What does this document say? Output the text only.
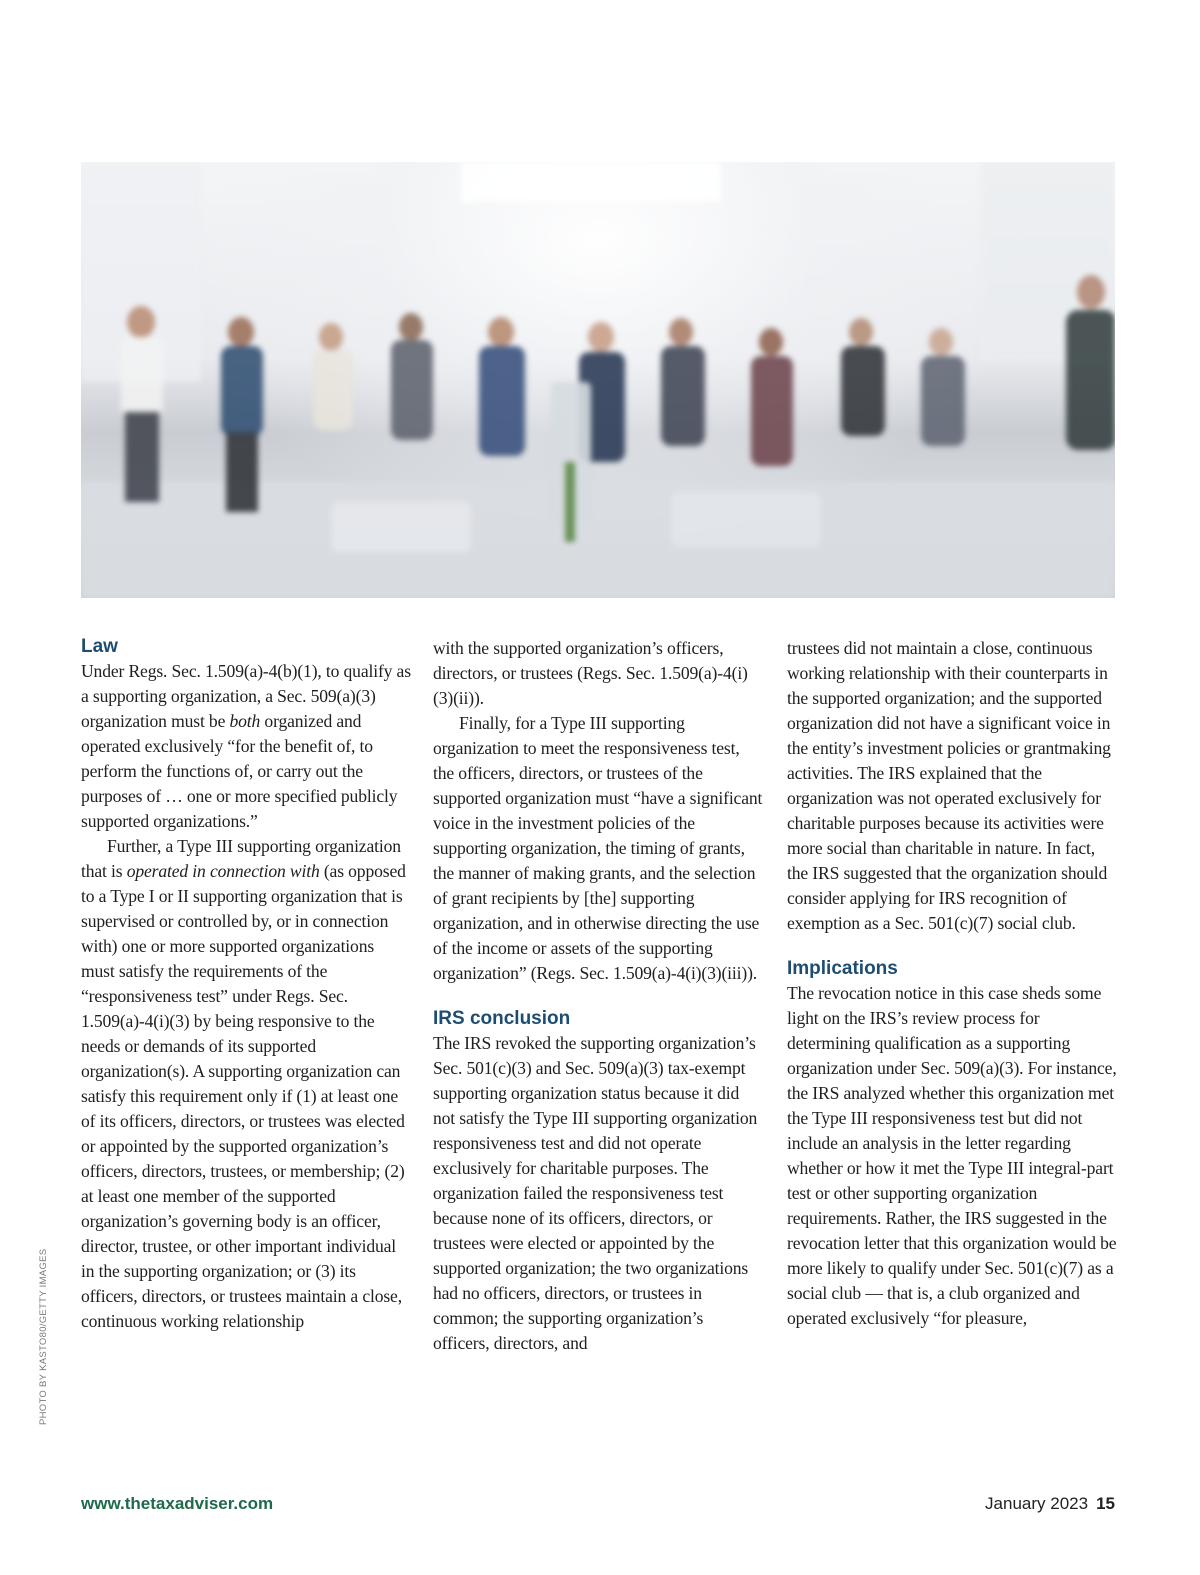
PHOTO BY KASTO80/GETTY IMAGES
Law

Under Regs. Sec. 1.509(a)-4(b)(1), to qualify as a supporting organization, a Sec. 509(a)(3) organization must be both organized and operated exclusively “for the benefit of, to perform the functions of, or carry out the purposes of … one or more specified publicly supported organizations.”

Further, a Type III supporting organization that is operated in connection with (as opposed to a Type I or II supporting organization that is supervised or controlled by, or in connection with) one or more supported organizations must satisfy the requirements of the “responsiveness test” under Regs. Sec. 1.509(a)-4(i)(3) by being responsive to the needs or demands of its supported organization(s). A supporting organization can satisfy this requirement only if (1) at least one of its officers, directors, or trustees was elected or appointed by the supported organization’s officers, directors, trustees, or membership; (2) at least one member of the supported organization’s governing body is an officer, director, trustee, or other important individual in the supporting organization; or (3) its officers, directors, or trustees maintain a close, continuous working relationship

with the supported organization’s officers, directors, or trustees (Regs. Sec. 1.509(a)-4(i)(3)(ii)).

Finally, for a Type III supporting organization to meet the responsiveness test, the officers, directors, or trustees of the supported organization must “have a significant voice in the investment policies of the supporting organization, the timing of grants, the manner of making grants, and the selection of grant recipients by [the] supporting organization, and in otherwise directing the use of the income or assets of the supporting organization” (Regs. Sec. 1.509(a)-4(i)(3)(iii)).

IRS conclusion

The IRS revoked the supporting organization’s Sec. 501(c)(3) and Sec. 509(a)(3) tax-exempt supporting organization status because it did not satisfy the Type III supporting organization responsiveness test and did not operate exclusively for charitable purposes. The organization failed the responsiveness test because none of its officers, directors, or trustees were elected or appointed by the supported organization; the two organizations had no officers, directors, or trustees in common; the supporting organization’s officers, directors, and

trustees did not maintain a close, continuous working relationship with their counterparts in the supported organization; and the supported organization did not have a significant voice in the entity’s investment policies or grantmaking activities. The IRS explained that the organization was not operated exclusively for charitable purposes because its activities were more social than charitable in nature. In fact, the IRS suggested that the organization should consider applying for IRS recognition of exemption as a Sec. 501(c)(7) social club.

Implications

The revocation notice in this case sheds some light on the IRS’s review process for determining qualification as a supporting organization under Sec. 509(a)(3). For instance, the IRS analyzed whether this organization met the Type III responsiveness test but did not include an analysis in the letter regarding whether or how it met the Type III integral-part test or other supporting organization requirements. Rather, the IRS suggested in the revocation letter that this organization would be more likely to qualify under Sec. 501(c)(7) as a social club — that is, a club organized and operated exclusively “for pleasure,

www.thetaxadviser.com	January 2023 15
